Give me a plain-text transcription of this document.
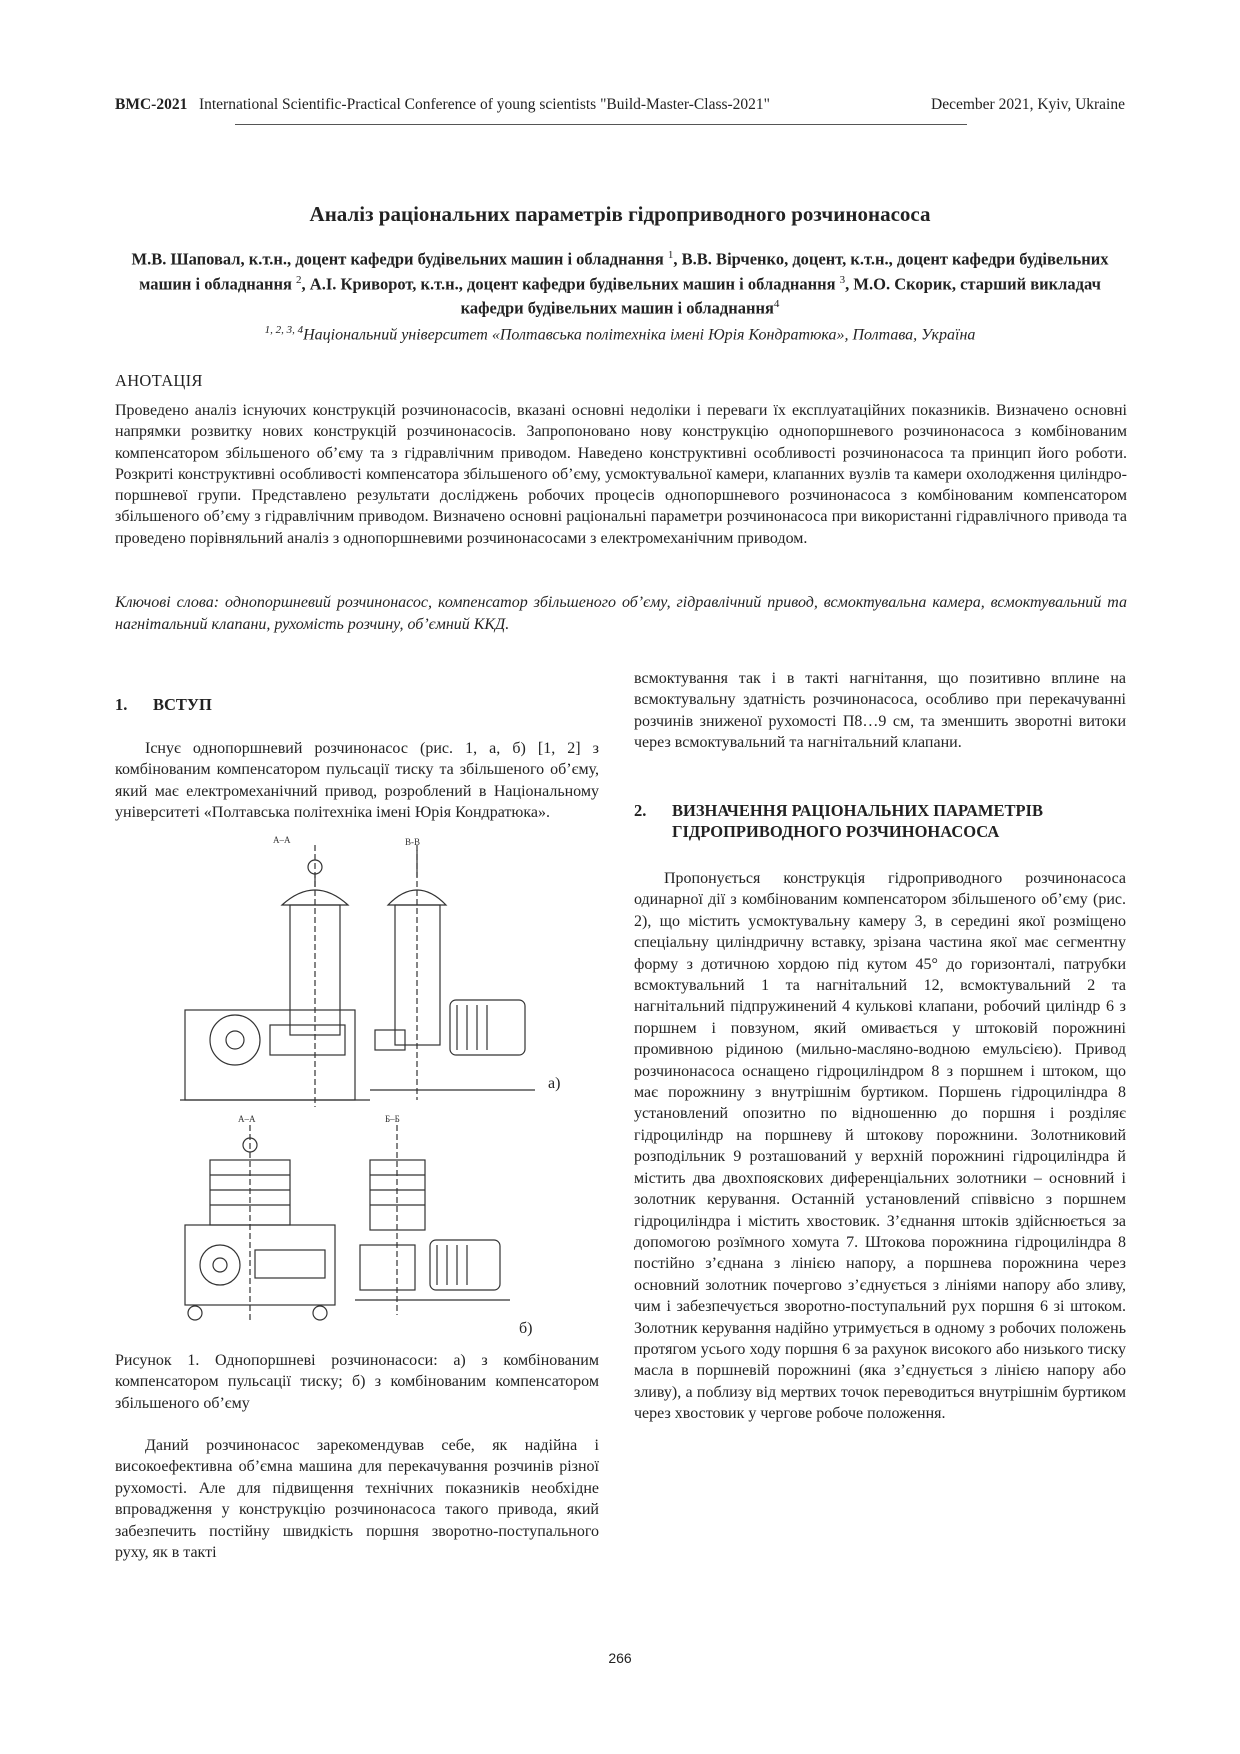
BMC-2021 International Scientific-Practical Conference of young scientists "Build-Master-Class-2021"	December 2021, Kyiv, Ukraine
Аналіз раціональних параметрів гідроприводного розчинонасоса
М.В. Шаповал, к.т.н., доцент кафедри будівельних машин і обладнання $^1$, В.В. Вірченко, доцент, к.т.н., доцент кафедри будівельних машин і обладнання $^2$, А.І. Криворот, к.т.н., доцент кафедри будівельних машин і обладнання $^3$, М.О. Скорик, старший викладач кафедри будівельних машин і обладнання$^4$
$^{1, 2, 3, 4}$Національний університет «Полтавська політехніка імені Юрія Кондратюка», Полтава, Україна
АНОТАЦІЯ

Проведено аналіз існуючих конструкцій розчинонасосів, вказані основні недоліки і переваги їх експлуатаційних показників. Визначено основні напрямки розвитку нових конструкцій розчинонасосів. Запропоновано нову конструкцію однопоршневого розчинонасоса з комбінованим компенсатором збільшеного об’єму та з гідравлічним приводом. Наведено конструктивні особливості розчинонасоса та принцип його роботи. Розкриті конструктивні особливості компенсатора збільшеного об’єму, усмоктувальної камери, клапанних вузлів та камери охолодження циліндро-поршневої групи. Представлено результати досліджень робочих процесів однопоршневого розчинонасоса з комбінованим компенсатором збільшеного об’єму з гідравлічним приводом. Визначено основні раціональні параметри розчинонасоса при використанні гідравлічного привода та проведено порівняльний аналіз з однопоршневими розчинонасосами з електромеханічним приводом.

Ключові слова: однопоршневий розчинонасос, компенсатор збільшеного об’єму, гідравлічний привод, всмоктувальна камера, всмоктувальний та нагнітальний клапани, рухомість розчину, об’ємний ККД.

1. ВСТУП

Існує однопоршневий розчинонасос (рис. 1, а, б) [1, 2] з комбінованим компенсатором пульсації тиску та збільшеного об’єму, який має електромеханічний привод, розроблений в Національному університеті «Полтавська політехніка імені Юрія Кондратюка».

А–А	В-В
А–А	Б–Б
а)
б)

Рисунок 1. Однопоршневі розчинонасоси: а) з комбінованим компенсатором пульсації тиску; б) з комбінованим компенсатором збільшеного об’єму

Даний розчинонасос зарекомендував себе, як надійна і високоефективна об’ємна машина для перекачування розчинів різної рухомості. Але для підвищення технічних показників необхідне впровадження у конструкцію розчинонасоса такого привода, який забезпечить постійну швидкість поршня зворотно-поступального руху, як в такті

всмоктування так і в такті нагнітання, що позитивно вплине на всмоктувальну здатність розчинонасоса, особливо при перекачуванні розчинів зниженої рухомості П8…9 см, та зменшить зворотні витоки через всмоктувальний та нагнітальний клапани.

2. ВИЗНАЧЕННЯ РАЦІОНАЛЬНИХ ПАРАМЕТРІВ
ГІДРОПРИВОДНОГО РОЗЧИНОНАСОСА

Пропонується конструкція гідроприводного розчинонасоса одинарної дії з комбінованим компенсатором збільшеного об’єму (рис. 2), що містить усмоктувальну камеру 3, в середині якої розміщено спеціальну циліндричну вставку, зрізана частина якої має сегментну форму з дотичною хордою під кутом 45° до горизонталі, патрубки всмоктувальний 1 та нагнітальний 12, всмоктувальний 2 та нагнітальний підпружинений 4 кулькові клапани, робочий циліндр 6 з поршнем і повзуном, який омивається у штоковій порожнині промивною рідиною (мильно-масляно-водною емульсією). Привод розчинонасоса оснащено гідроциліндром 8 з поршнем і штоком, що має порожнину з внутрішнім буртиком. Поршень гідроциліндра 8 установлений опозитно по відношенню до поршня і розділяє гідроциліндр на поршневу й штокову порожнини. Золотниковий розподільник 9 розташований у верхній порожнині гідроциліндра й містить два двохпоясковиx диференціальних золотники – основний і золотник керування. Останній установлений співвісно з поршнем гідроциліндра і містить хвостовик. З’єднання штоків здійснюється за допомогою розїмного хомута 7. Штокова порожнина гідроциліндра 8 постійно з’єднана з лінією напору, а поршнева порожнина через основний золотник почергово з’єднується з лініями напору або зливу, чим і забезпечується зворотно-поступальний рух поршня 6 зі штоком. Золотник керування надійно утримується в одному з робочих положень протягом усього ходу поршня 6 за рахунок високого або низького тиску масла в поршневій порожнині (яка з’єднується з лінією напору або зливу), а поблизу від мертвих точок переводиться внутрішнім буртиком через хвостовик у чергове робоче положення.

266
